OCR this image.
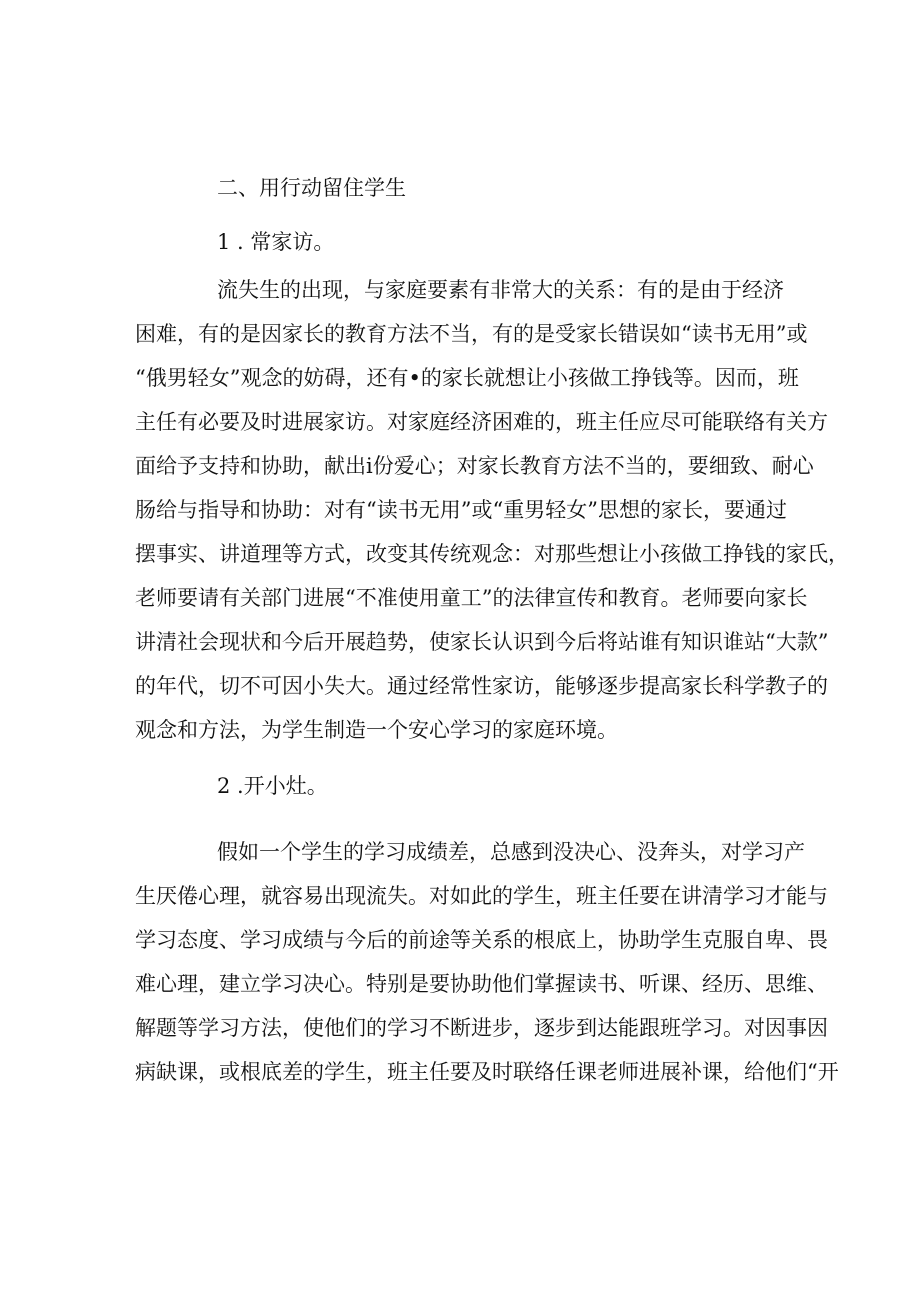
二、用行动留住学生
1 . 常家访。
流失生的出现，与家庭要素有非常大的关系：有的是由于经济
困难，有的是因家长的教育方法不当，有的是受家长错误如“读书无用”或
“俄男轻女”观念的妨碍，还有•的家长就想让小孩做工挣钱等。因而，班
主任有必要及时进展家访。对家庭经济困难的，班主任应尽可能联络有关方
面给予支持和协助，献出i份爱心；对家长教育方法不当的，要细致、耐心
肠给与指导和协助：对有“读书无用”或“重男轻女”思想的家长，要通过
摆事实、讲道理等方式，改变其传统观念：对那些想让小孩做工挣钱的家氏，
老师要请有关部门进展“不准使用童工”的法律宣传和教育。老师要向家长
讲清社会现状和今后开展趋势，使家长认识到今后将站谁有知识谁站“大款”
的年代，切不可因小失大。通过经常性家访，能够逐步提高家长科学教子的
观念和方法，为学生制造一个安心学习的家庭环境。
2 .开小灶。
假如一个学生的学习成绩差，总感到没决心、没奔头，对学习产
生厌倦心理，就容易出现流失。对如此的学生，班主任要在讲清学习才能与
学习态度、学习成绩与今后的前途等关系的根底上，协助学生克服自卑、畏
难心理，建立学习决心。特别是要协助他们掌握读书、听课、经历、思维、
解题等学习方法，使他们的学习不断进步，逐步到达能跟班学习。对因事因
病缺课，或根底差的学生，班主任要及时联络任课老师进展补课，给他们“开
